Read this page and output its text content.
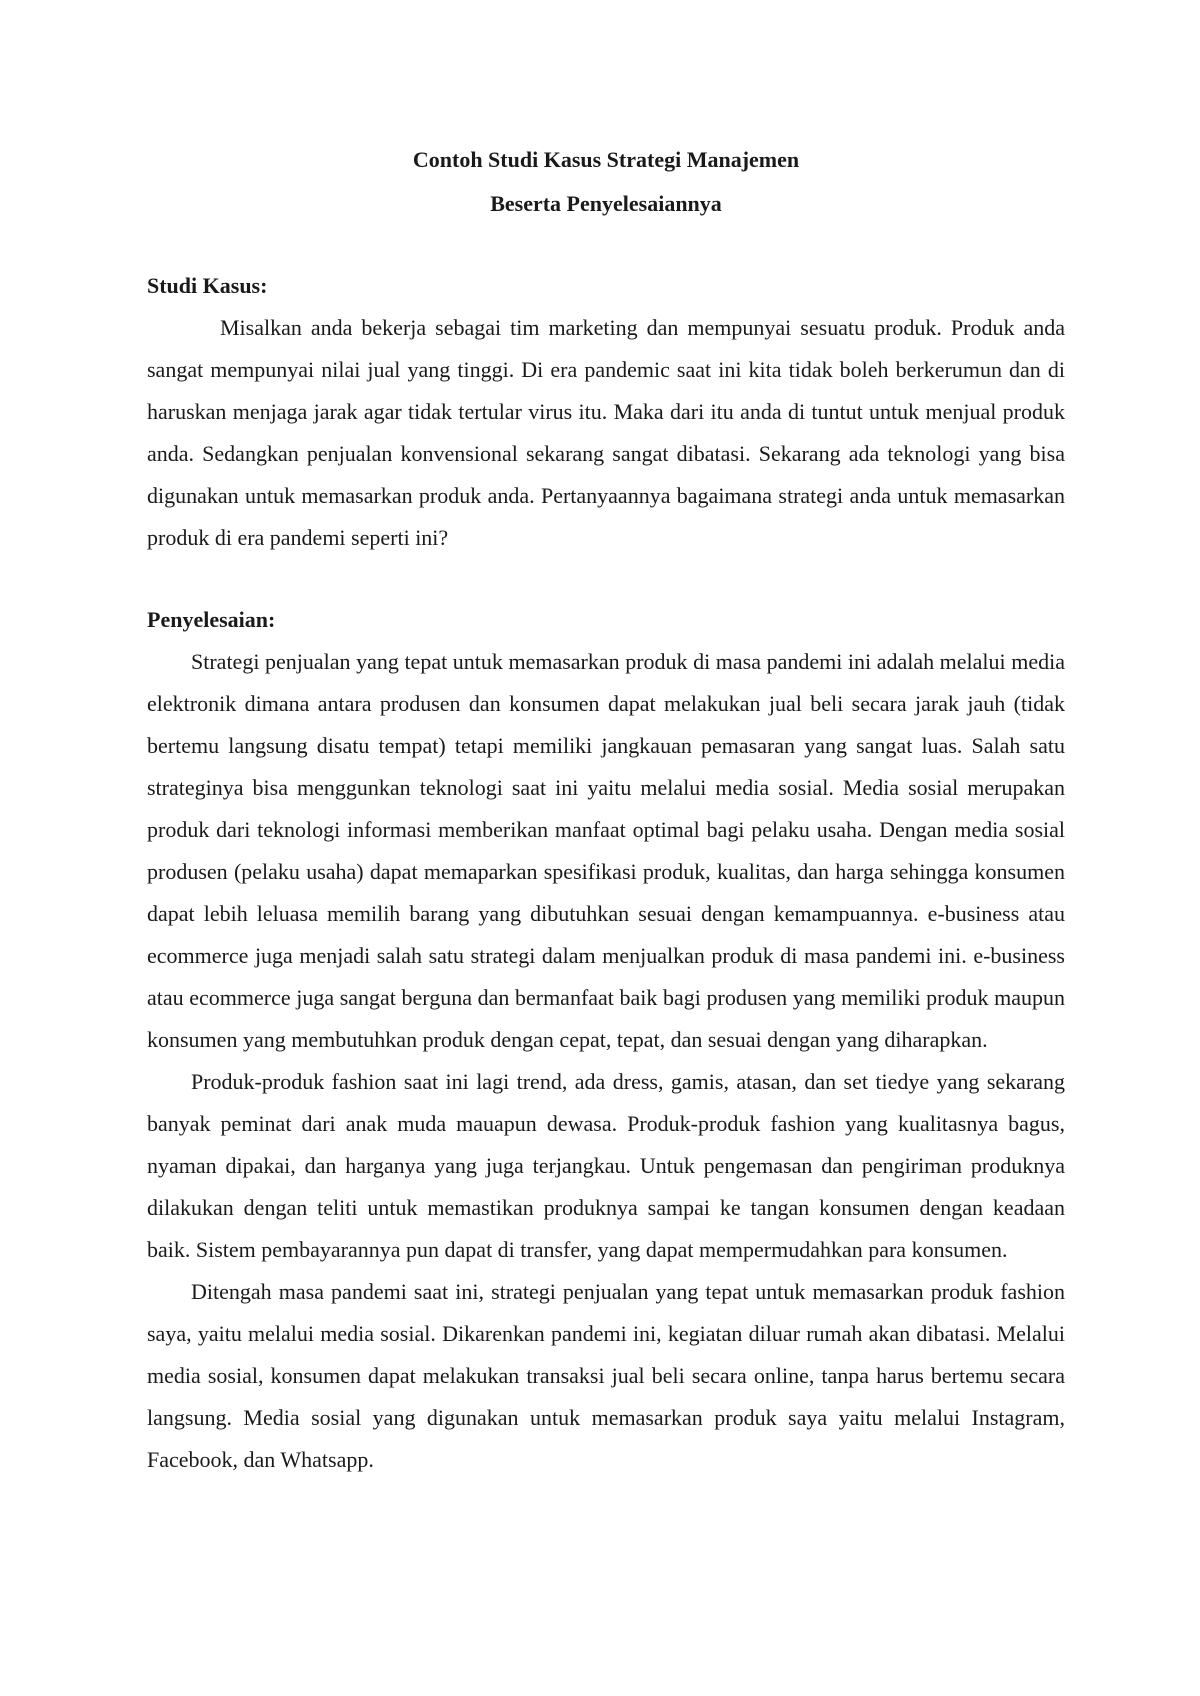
Contoh Studi Kasus Strategi Manajemen

Beserta Penyelesaiannya

Studi Kasus:

Misalkan anda bekerja sebagai tim marketing dan mempunyai sesuatu produk. Produk anda sangat mempunyai nilai jual yang tinggi. Di era pandemic saat ini kita tidak boleh berkerumun dan di haruskan menjaga jarak agar tidak tertular virus itu. Maka dari itu anda di tuntut untuk menjual produk anda. Sedangkan penjualan konvensional sekarang sangat dibatasi. Sekarang ada teknologi yang bisa digunakan untuk memasarkan produk anda. Pertanyaannya bagaimana strategi anda untuk memasarkan produk di era pandemi seperti ini?

Penyelesaian:

Strategi penjualan yang tepat untuk memasarkan produk di masa pandemi ini adalah melalui media elektronik dimana antara produsen dan konsumen dapat melakukan jual beli secara jarak jauh (tidak bertemu langsung disatu tempat) tetapi memiliki jangkauan pemasaran yang sangat luas. Salah satu strateginya bisa menggunkan teknologi saat ini yaitu melalui media sosial. Media sosial merupakan produk dari teknologi informasi memberikan manfaat optimal bagi pelaku usaha. Dengan media sosial produsen (pelaku usaha) dapat memaparkan spesifikasi produk, kualitas, dan harga sehingga konsumen dapat lebih leluasa memilih barang yang dibutuhkan sesuai dengan kemampuannya. e-business atau ecommerce juga menjadi salah satu strategi dalam menjualkan produk di masa pandemi ini. e-business atau ecommerce juga sangat berguna dan bermanfaat baik bagi produsen yang memiliki produk maupun konsumen yang membutuhkan produk dengan cepat, tepat, dan sesuai dengan yang diharapkan.

Produk-produk fashion saat ini lagi trend, ada dress, gamis, atasan, dan set tiedye yang sekarang banyak peminat dari anak muda mauapun dewasa. Produk-produk fashion yang kualitasnya bagus, nyaman dipakai, dan harganya yang juga terjangkau. Untuk pengemasan dan pengiriman produknya dilakukan dengan teliti untuk memastikan produknya sampai ke tangan konsumen dengan keadaan baik. Sistem pembayarannya pun dapat di transfer, yang dapat mempermudahkan para konsumen.

Ditengah masa pandemi saat ini, strategi penjualan yang tepat untuk memasarkan produk fashion saya, yaitu melalui media sosial. Dikarenkan pandemi ini, kegiatan diluar rumah akan dibatasi. Melalui media sosial, konsumen dapat melakukan transaksi jual beli secara online, tanpa harus bertemu secara langsung. Media sosial yang digunakan untuk memasarkan produk saya yaitu melalui Instagram, Facebook, dan Whatsapp.
